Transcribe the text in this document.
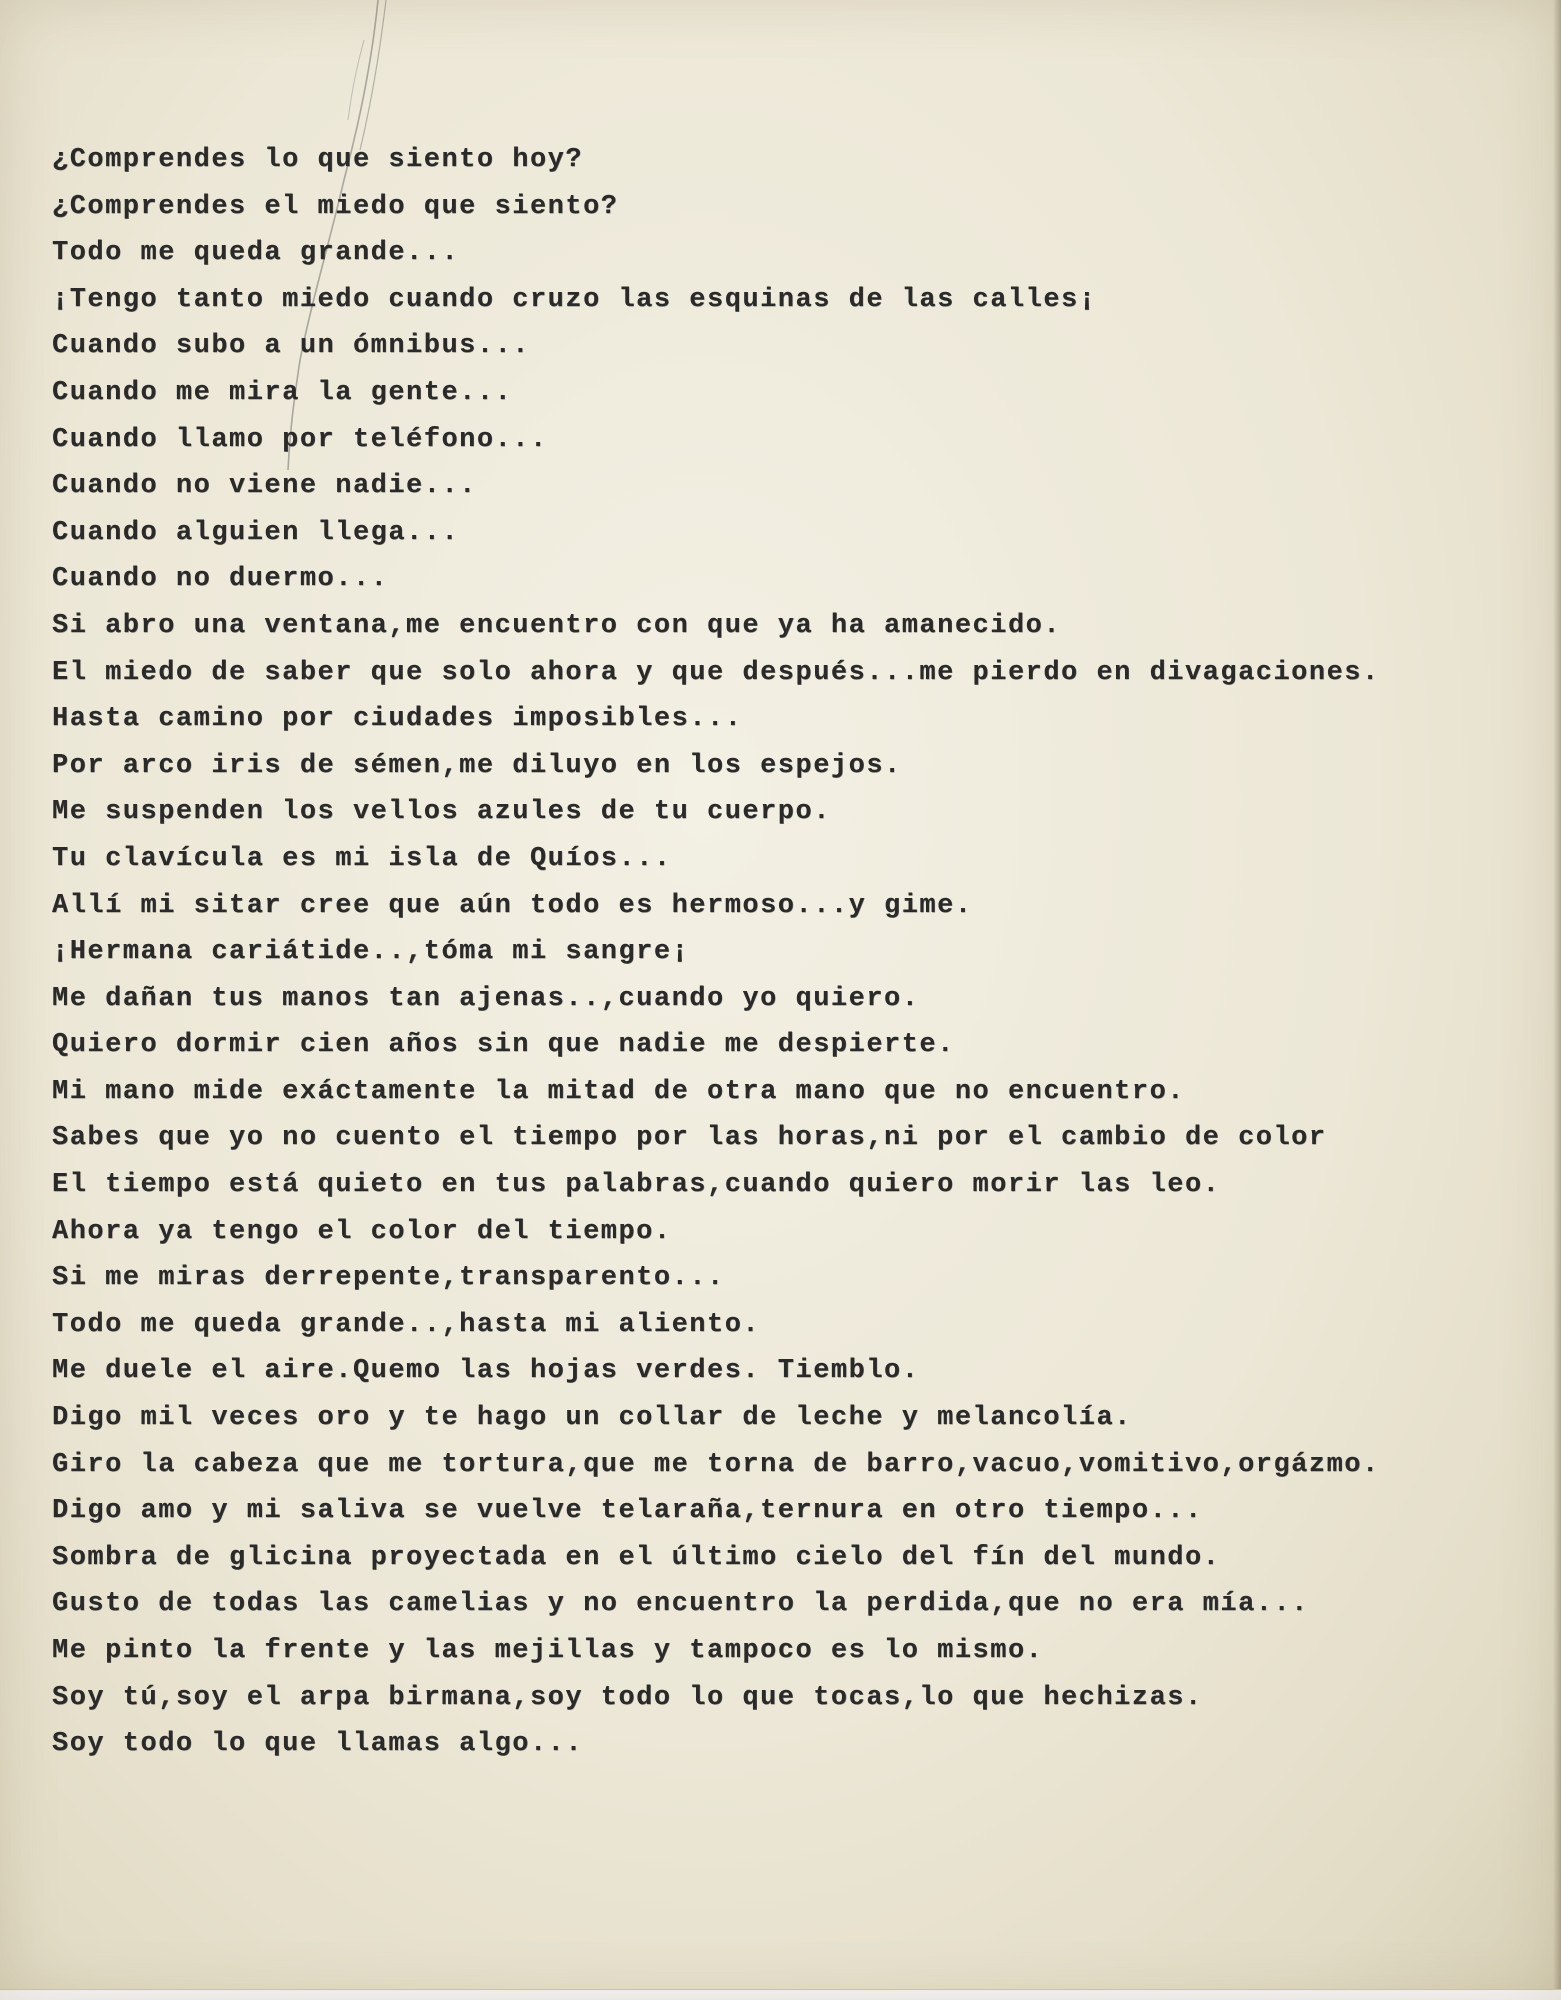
¿Comprendes lo que siento hoy?
¿Comprendes el miedo que siento?
Todo me queda grande...
¡Tengo tanto miedo cuando cruzo las esquinas de las calles¡
Cuando subo a un ómnibus...
Cuando me mira la gente...
Cuando llamo por teléfono...
Cuando no viene nadie...
Cuando alguien llega...
Cuando no duermo...
Si abro una ventana,me encuentro con que ya ha amanecido.
El miedo de saber que solo ahora y que después...me pierdo en divagaciones.
Hasta camino por ciudades imposibles...
Por arco iris de sémen,me diluyo en los espejos.
Me suspenden los vellos azules de tu cuerpo.
Tu clavícula es mi isla de Quíos...
Allí mi sitar cree que aún todo es hermoso...y gime.
¡Hermana cariátide..,tóma mi sangre¡
Me dañan tus manos tan ajenas..,cuando yo quiero.
Quiero dormir cien años sin que nadie me despierte.
Mi mano mide exáctamente la mitad de otra mano que no encuentro.
Sabes que yo no cuento el tiempo por las horas,ni por el cambio de color
El tiempo está quieto en tus palabras,cuando quiero morir las leo.
Ahora ya tengo el color del tiempo.
Si me miras derrepente,transparento...
Todo me queda grande..,hasta mi aliento.
Me duele el aire.Quemo las hojas verdes. Tiemblo.
Digo mil veces oro y te hago un collar de leche y melancolía.
Giro la cabeza que me tortura,que me torna de barro,vacuo,vomitivo,orgázmo.
Digo amo y mi saliva se vuelve telaraña,ternura en otro tiempo...
Sombra de glicina proyectada en el último cielo del fín del mundo.
Gusto de todas las camelias y no encuentro la perdida,que no era mía...
Me pinto la frente y las mejillas y tampoco es lo mismo.
Soy tú,soy el arpa birmana,soy todo lo que tocas,lo que hechizas.
Soy todo lo que llamas algo...
